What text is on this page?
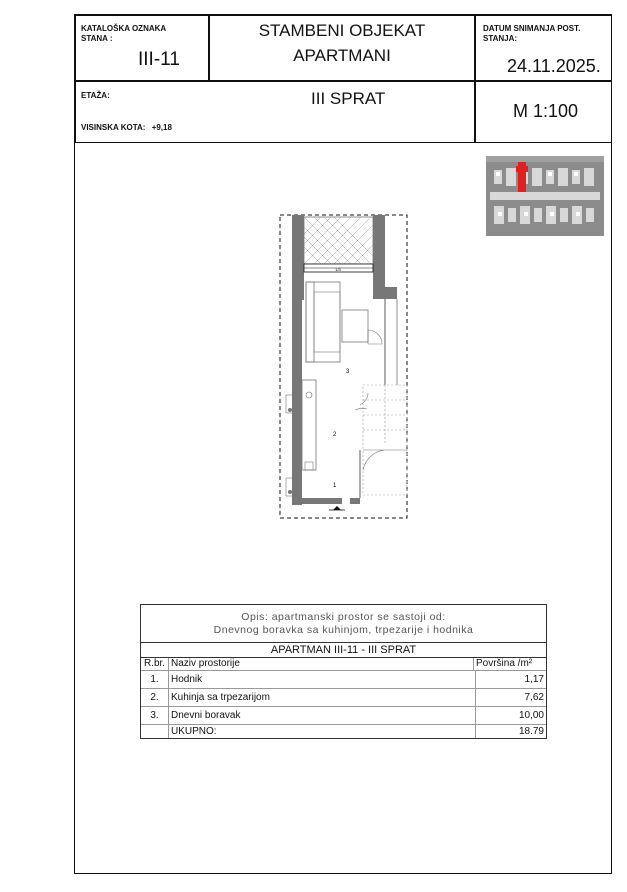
KATALOŠKA OZNAKA STANA :
III-11
STAMBENI OBJEKAT
APARTMANI
DATUM SNIMANJA POST. STANJA:
24.11.2025.
ETAŽA:	III SPRAT
VISINSKA KOTA: +9,18
M 1:100
1/3
3
2
1
Opis: apartmanski prostor se sastoji od:
Dnevnog boravka sa kuhinjom, trpezarije i hodnika
APARTMAN III-11 - III SPRAT
R.br. Naziv prostorije	Površina /m²
1.	Hodnik	1,17
2.	Kuhinja sa trpezarijom	7,62
3.	Dnevni boravak	10,00
UKUPNO:	18.79
